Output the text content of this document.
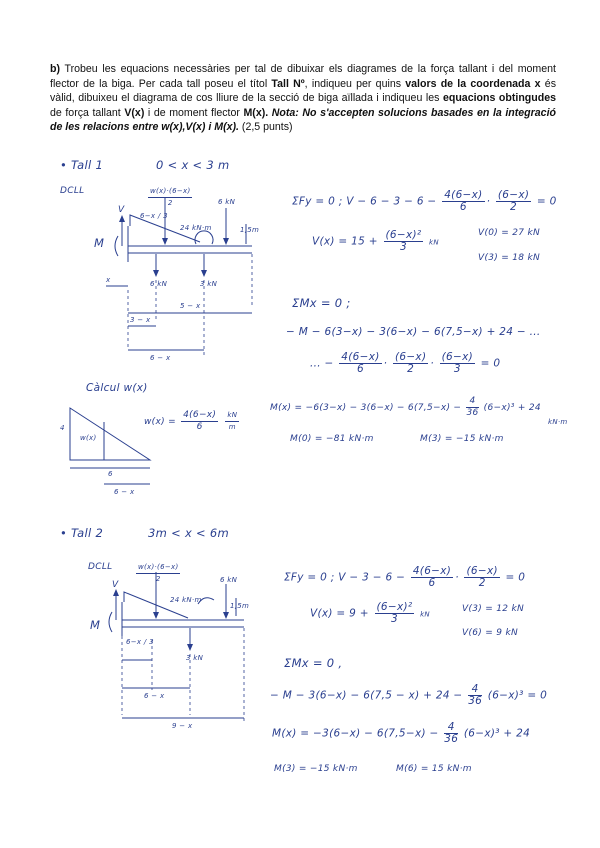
b) Trobeu les equacions necessàries per tal de dibuixar els diagrames de la força tallant i del moment flector de la biga. Per cada tall poseu el títol Tall Nº, indiqueu per quins valors de la coordenada x és vàlid, dibuixeu el diagrama de cos lliure de la secció de biga aïllada i indiqueu les equacions obtingudes de força tallant V(x) i de moment flector M(x). Nota: No s'accepten solucions basades en la integració de les relacions entre w(x),V(x) i M(x). (2,5 punts)
• Tall 1	0 < x < 3 m
DCLL	$\frac{w(x)\cdot(6-x)}{2}$	6 kN
6−x / 3
24 kN·m	1,5m
V
M
x	6 kN	3 kN
5 − x
3 − x
6 − x
ΣFy = 0 ; $V - 6 - 3 - 6 - \frac{4(6-x)}{6} \cdot \frac{(6-x)}{2} = 0$
$V(x) = 15 + \frac{\text{(6−x)²}}{3}$ kN
V(0) = 27 kN
V(3) = 18 kN
ΣMx = 0 ;
− M − 6(3−x) − 3(6−x) − 6(7,5−x) + 24 − ...
... − $\frac{4(6-x)}{6} \cdot \frac{(6-x)}{2} \cdot \frac{(6-x)}{3} = 0$
Càlcul w(x)
4
w(x)
6
6 − x
$w(x) = \frac{4(6-x)}{6}$
$\frac{kN}{m}$
$M(x) = -6(3-x) - 3(6-x) - 6(7,5-x) - \frac{4}{36} (6-x)^3 + 24$
kN·m
M(0) = −81 kN·m	M(3) = −15 kN·m
• Tall 2	3m < x < 6m
DCLL	$\frac{w(x)\cdot(6-x)}{2}$	6 kN
24 kN·m
1,5m
V
M
6−x / 3
3 kN
6 − x
9 − x
ΣFy = 0 ; $V - 3 - 6 - \frac{4(6-x)}{6} \cdot \frac{(6-x)}{2} = 0$
$V(x) = 9 + \frac{\text{(6−x)²}}{3}$ kN
V(3) = 12 kN
V(6) = 9 kN
ΣMx = 0 ,
− $M - 3(6-x) - 6(7,5 - x) + 24 - \frac{4}{36} (6-x)^3 = 0$
$M(x) = -3(6-x) - 6(7,5-x) - \frac{4}{36} (6-x)^3 + 24$
M(3) = −15 kN·m	M(6) = 15 kN·m
